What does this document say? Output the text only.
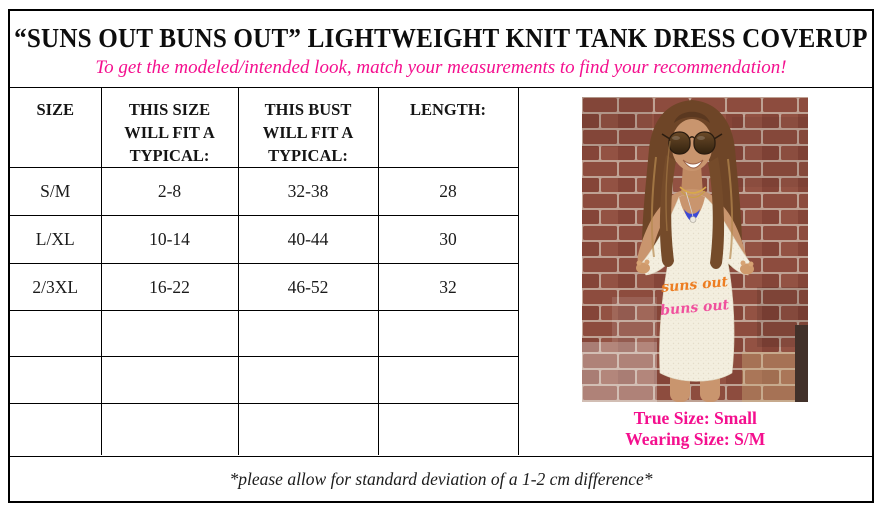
“SUNS OUT BUNS OUT” LIGHTWEIGHT KNIT TANK DRESS COVERUP
To get the modeled/intended look, match your measurements to find your recommendation!
SIZE	THIS SIZE WILL FIT A TYPICAL:	THIS BUST WILL FIT A TYPICAL:	LENGTH:
S/M	2-8	32-38	28
L/XL	10-14	40-44	30
2/3XL	16-22	46-52	32

				suns out
buns out
True Size: Small
Wearing Size: S/M
*please allow for standard deviation of a 1-2 cm difference*
